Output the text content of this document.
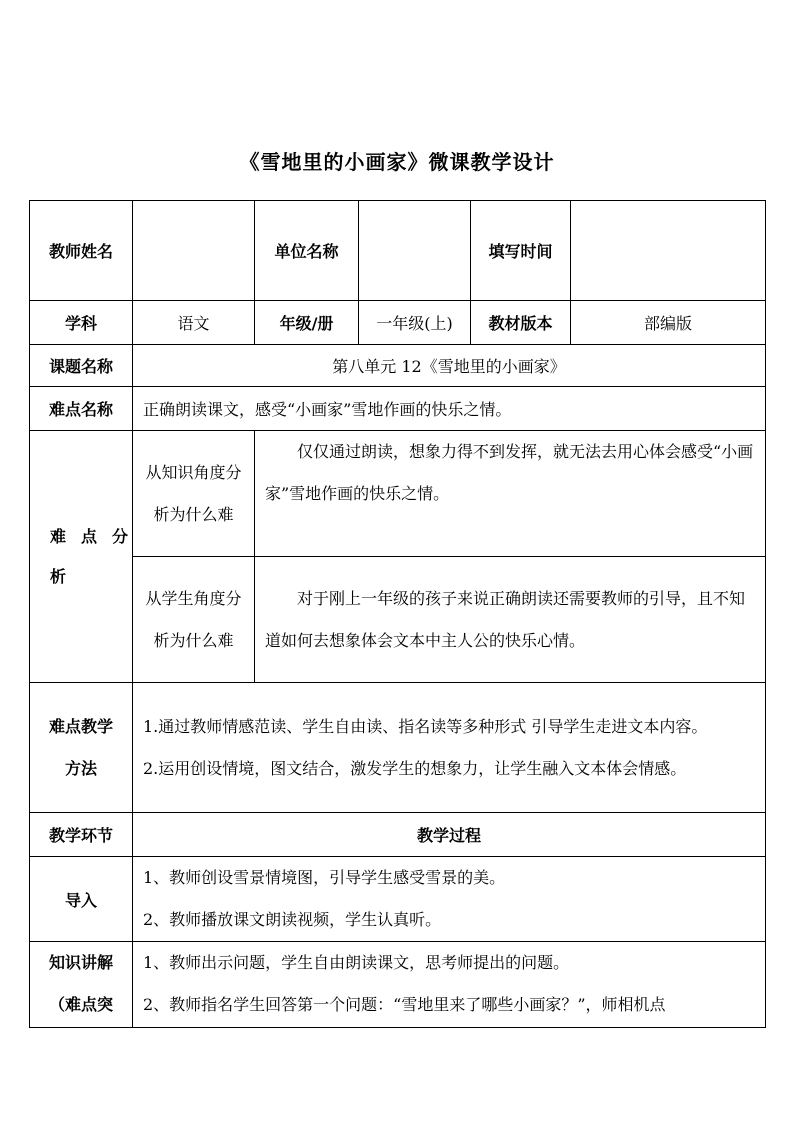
《雪地里的小画家》微课教学设计
教师姓名		单位名称		填写时间	
学科	语文	年级/册	一年级(上)	教材版本	部编版
课题名称	第八单元 12《雪地里的小画家》				
难点名称	正确朗读课文，感受“小画家”雪地作画的快乐之情。				

难 点 分 析	从知识角度分析为什么难	仅仅通过朗读，想象力得不到发挥，就无法去用心体会感受“小画家”雪地作画的快乐之情。			
	从学生角度分析为什么难	对于刚上一年级的孩子来说正确朗读还需要教师的引导，且不知道如何去想象体会文本中主人公的快乐心情。			
难点教学方法	1.通过教师情感范读、学生自由读、指名读等多种形式 引导学生走进文本内容。
2.运用创设情境，图文结合，激发学生的想象力，让学生融入文本体会情感。				

教学环节	教学过程				
导入	1、教师创设雪景情境图，引导学生感受雪景的美。
2、教师播放课文朗读视频，学生认真听。				

知识讲解（难点突	1、教师出示问题，学生自由朗读课文，思考师提出的问题。
2、教师指名学生回答第一个问题：“雪地里来了哪些小画家？”，师相机点				
